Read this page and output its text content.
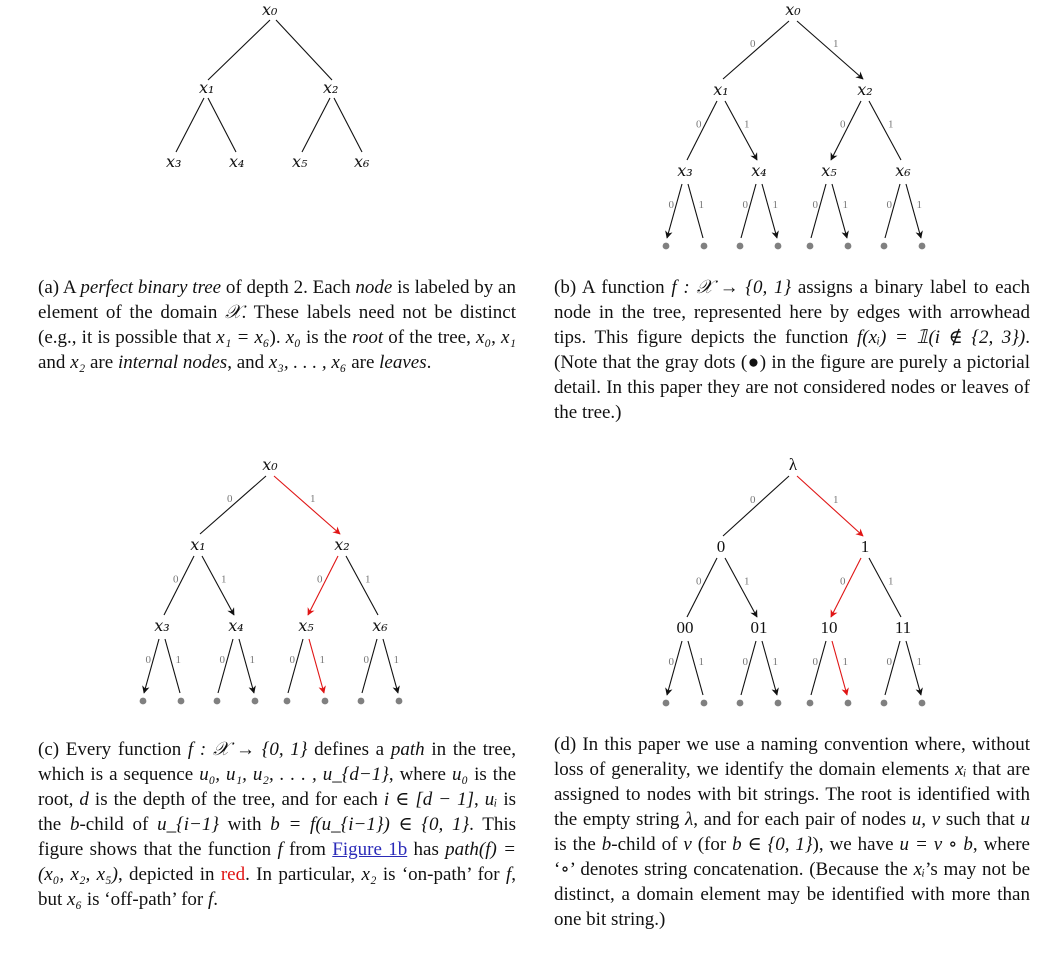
x₀
x₁	x₂
x₃	x₄	x₅	x₆
(a) A perfect binary tree of depth 2. Each node is labeled by an element of the domain 𝒳. These labels need not be distinct (e.g., it is possible that x₁ = x₆). x₀ is the root of the tree, x₀, x₁ and x₂ are internal nodes, and x₃, . . . , x₆ are leaves.
0	1
0	1	0	1
0 1	0 1	0 1	0 1
x₀
x₁	x₂
x₃	x₄	x₅	x₆
(b) A function f : 𝒳 → {0, 1} assigns a binary label to each node in the tree, represented here by edges with arrowhead tips. This figure depicts the function f(xᵢ) = 𝟙(i ∉ {2, 3}). (Note that the gray dots (●) in the figure are purely a pictorial detail. In this paper they are not considered nodes or leaves of the tree.)
0	1
0	1	0	1
0 1	0 1	0 1	0 1
x₀
x₁	x₂
x₃	x₄	x₅	x₆
(c) Every function f : 𝒳 → {0, 1} defines a path in the tree, which is a sequence u₀, u₁, u₂, . . . , u_{d−1}, where u₀ is the root, d is the depth of the tree, and for each i ∈ [d − 1], uᵢ is the b-child of u_{i−1} with b = f(u_{i−1}) ∈ {0, 1}. This figure shows that the function f from Figure 1b has path(f) = (x₀, x₂, x₅), depicted in red. In particular, x₂ is ‘on-path’ for f, but x₆ is ‘off-path’ for f.
0	1
0	1	0	1
0 1	0 1	0 1	0 1
λ
0	1
00	01	10	11
(d) In this paper we use a naming convention where, without loss of generality, we identify the domain elements xᵢ that are assigned to nodes with bit strings. The root is identified with the empty string λ, and for each pair of nodes u, v such that u is the b-child of v (for b ∈ {0, 1}), we have u = v ∘ b, where ‘∘’ denotes string concatenation. (Because the xᵢ’s may not be distinct, a domain element may be identified with more than one bit string.)
